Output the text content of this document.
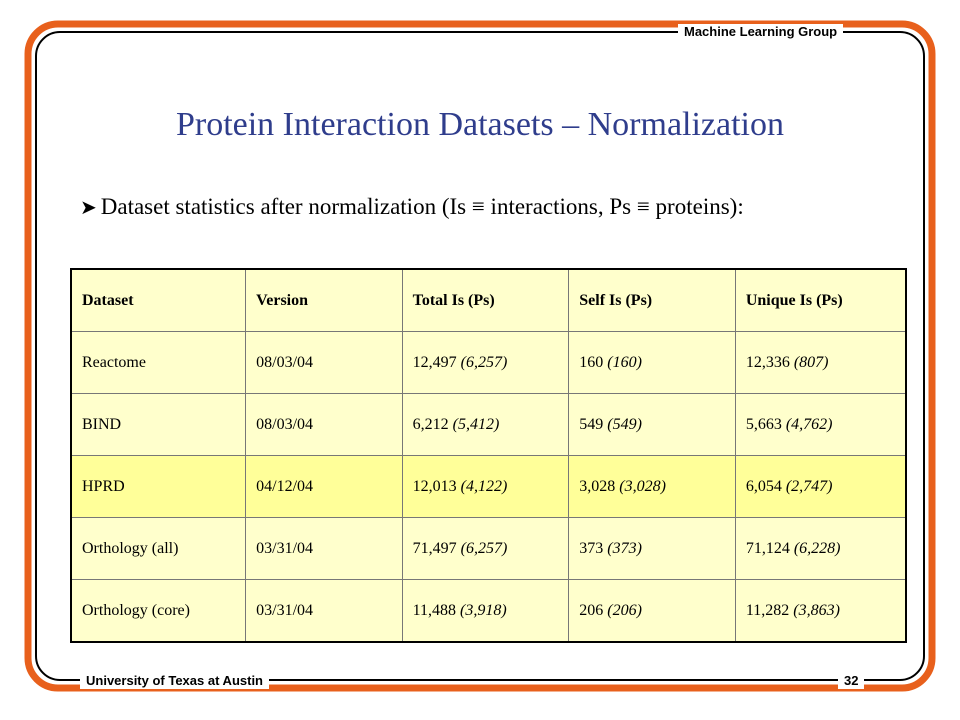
Machine Learning Group
University of Texas at Austin	32
Protein Interaction Datasets – Normalization
➤ Dataset statistics after normalization (Is ≡ interactions, Ps ≡ proteins):
Dataset	Version	Total Is (Ps)	Self Is (Ps)	Unique Is (Ps)
Reactome	08/03/04	12,497 (6,257)	160 (160)	12,336 (807)
BIND	08/03/04	6,212 (5,412)	549 (549)	5,663 (4,762)
HPRD	04/12/04	12,013 (4,122)	3,028 (3,028)	6,054 (2,747)
Orthology (all)	03/31/04	71,497 (6,257)	373 (373)	71,124 (6,228)
Orthology (core)	03/31/04	11,488 (3,918)	206 (206)	11,282 (3,863)
